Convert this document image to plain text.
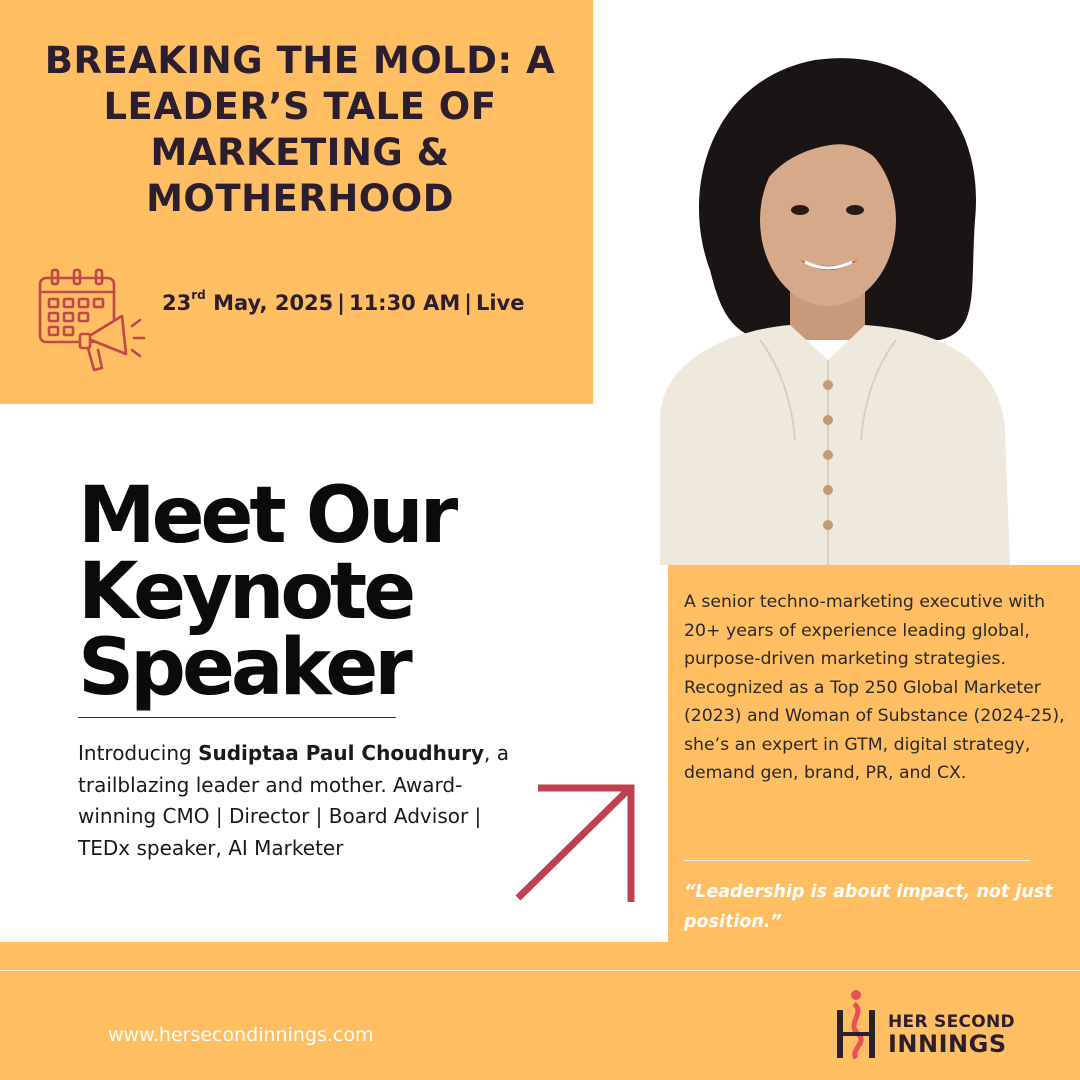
BREAKING THE MOLD: A LEADER’S TALE OF MARKETING & MOTHERHOOD
23rd May, 2025 | 11:30 AM | Live
Meet Our
Keynote
Speaker

Introducing Sudiptaa Paul Choudhury, a trailblazing leader and mother. Award-winning CMO | Director | Board Advisor | TEDx speaker, AI Marketer

A senior techno-marketing executive with 20+ years of experience leading global, purpose-driven marketing strategies.

Recognized as a Top 250 Global Marketer (2023) and Woman of Substance (2024-25), she’s an expert in GTM, digital strategy, demand gen, brand, PR, and CX.

“Leadership is about impact, not just position.”

www.hersecondinnings.com
HER SECOND
INNINGS
